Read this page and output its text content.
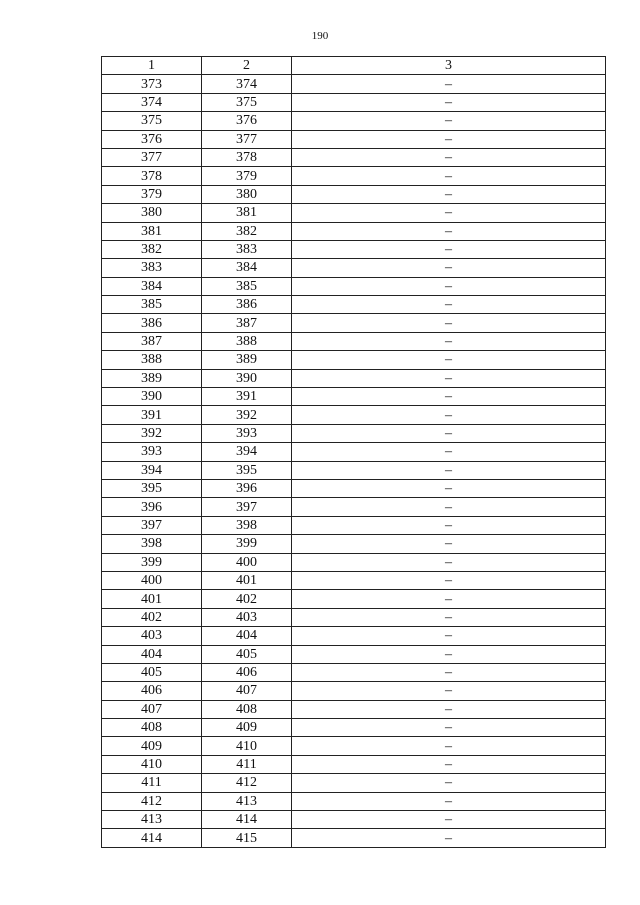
190
1	2	3
373	374	–
374	375	–
375	376	–
376	377	–
377	378	–
378	379	–
379	380	–
380	381	–
381	382	–
382	383	–
383	384	–
384	385	–
385	386	–
386	387	–
387	388	–
388	389	–
389	390	–
390	391	–
391	392	–
392	393	–
393	394	–
394	395	–
395	396	–
396	397	–
397	398	–
398	399	–
399	400	–
400	401	–
401	402	–
402	403	–
403	404	–
404	405	–
405	406	–
406	407	–
407	408	–
408	409	–
409	410	–
410	411	–
411	412	–
412	413	–
413	414	–
414	415	–
